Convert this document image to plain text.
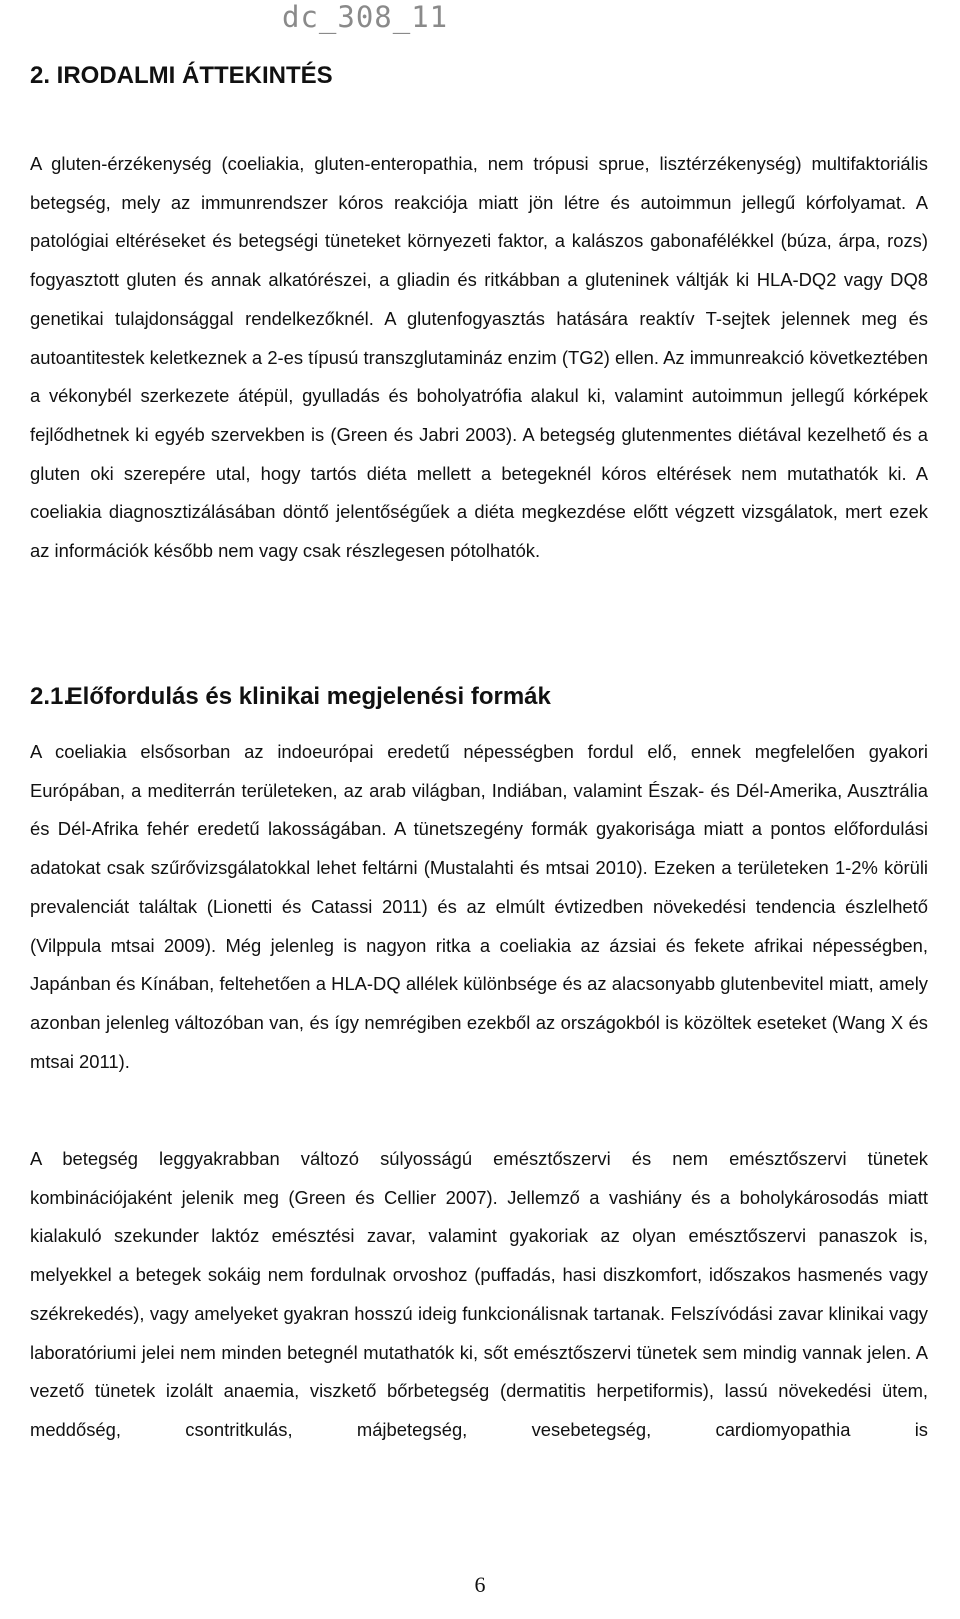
dc_308_11
2. IRODALMI ÁTTEKINTÉS

A gluten-érzékenység (coeliakia, gluten-enteropathia, nem trópusi sprue, lisztérzékenység) multifaktoriális betegség, mely az immunrendszer kóros reakciója miatt jön létre és autoimmun jellegű kórfolyamat. A patológiai eltéréseket és betegségi tüneteket környezeti faktor, a kalászos gabonafélékkel (búza, árpa, rozs) fogyasztott gluten és annak alkatórészei, a gliadin és ritkábban a gluteninek váltják ki HLA-DQ2 vagy DQ8 genetikai tulajdonsággal rendelkezőknél. A glutenfogyasztás hatására reaktív T-sejtek jelennek meg és autoantitestek keletkeznek a 2-es típusú transzglutamináz enzim (TG2) ellen. Az immunreakció következtében a vékonybél szerkezete átépül, gyulladás és boholyatrófia alakul ki, valamint autoimmun jellegű kórképek fejlődhetnek ki egyéb szervekben is (Green és Jabri 2003). A betegség glutenmentes diétával kezelhető és a gluten oki szerepére utal, hogy tartós diéta mellett a betegeknél kóros eltérések nem mutathatók ki. A coeliakia diagnosztizálásában döntő jelentőségűek a diéta megkezdése előtt végzett vizsgálatok, mert ezek az információk később nem vagy csak részlegesen pótolhatók.

2.1. Előfordulás és klinikai megjelenési formák

A coeliakia elsősorban az indoeurópai eredetű népességben fordul elő, ennek megfelelően gyakori Európában, a mediterrán területeken, az arab világban, Indiában, valamint Észak- és Dél-Amerika, Ausztrália és Dél-Afrika fehér eredetű lakosságában. A tünetszegény formák gyakorisága miatt a pontos előfordulási adatokat csak szűrővizsgálatokkal lehet feltárni (Mustalahti és mtsai 2010). Ezeken a területeken 1-2% körüli prevalenciát találtak (Lionetti és Catassi 2011) és az elmúlt évtizedben növekedési tendencia észlelhető (Vilppula mtsai 2009). Még jelenleg is nagyon ritka a coeliakia az ázsiai és fekete afrikai népességben, Japánban és Kínában, feltehetően a HLA-DQ allélek különbsége és az alacsonyabb glutenbevitel miatt, amely azonban jelenleg változóban van, és így nemrégiben ezekből az országokból is közöltek eseteket (Wang X és mtsai 2011).

A betegség leggyakrabban változó súlyosságú emésztőszervi és nem emésztőszervi tünetek kombinációjaként jelenik meg (Green és Cellier 2007). Jellemző a vashiány és a boholykárosodás miatt kialakuló szekunder laktóz emésztési zavar, valamint gyakoriak az olyan emésztőszervi panaszok is, melyekkel a betegek sokáig nem fordulnak orvoshoz (puffadás, hasi diszkomfort, időszakos hasmenés vagy székrekedés), vagy amelyeket gyakran hosszú ideig funkcionálisnak tartanak. Felszívódási zavar klinikai vagy laboratóriumi jelei nem minden betegnél mutathatók ki, sőt emésztőszervi tünetek sem mindig vannak jelen. A vezető tünetek izolált anaemia, viszkető bőrbetegség (dermatitis herpetiformis), lassú növekedési ütem, meddőség, csontritkulás, májbetegség, vesebetegség, cardiomyopathia is

6
